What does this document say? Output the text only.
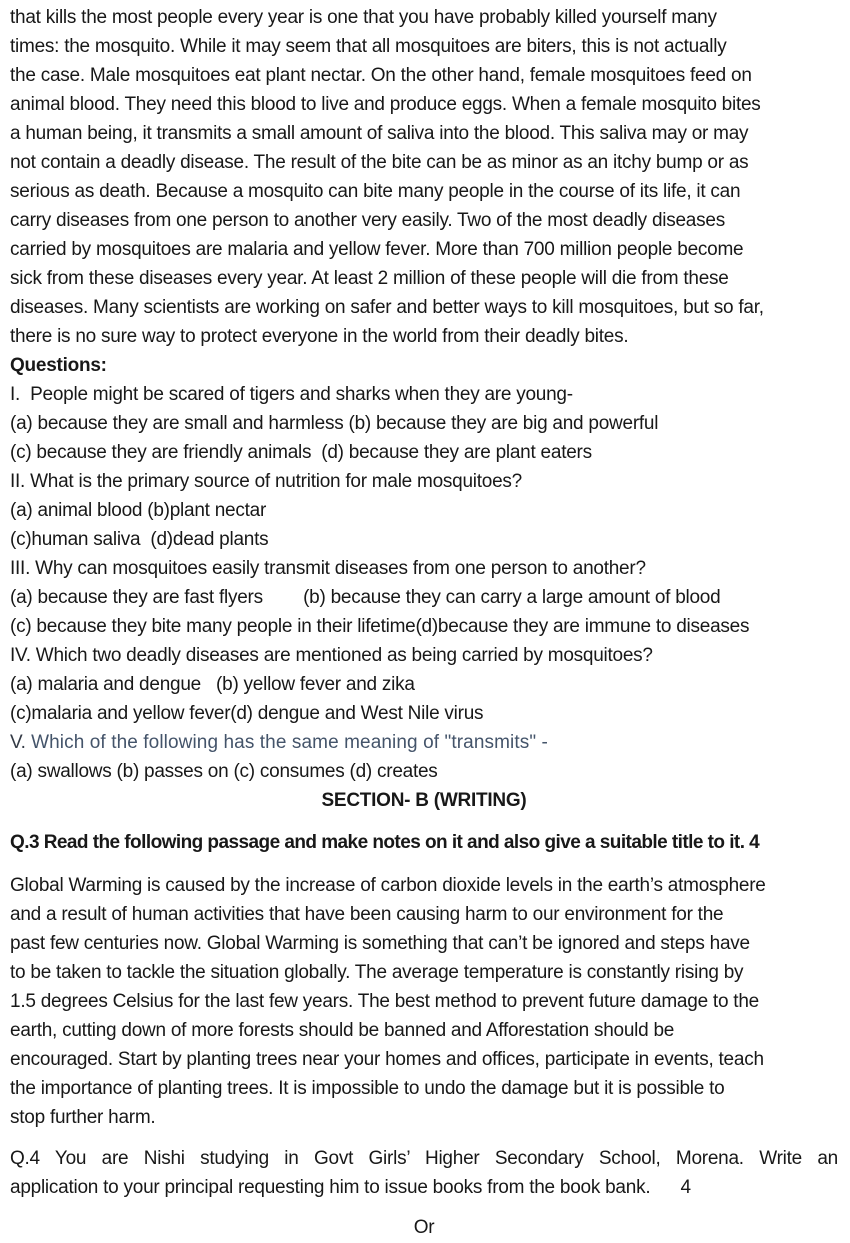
that kills the most people every year is one that you have probably killed yourself many
times: the mosquito. While it may seem that all mosquitoes are biters, this is not actually
the case. Male mosquitoes eat plant nectar. On the other hand, female mosquitoes feed on
animal blood. They need this blood to live and produce eggs. When a female mosquito bites
a human being, it transmits a small amount of saliva into the blood. This saliva may or may
not contain a deadly disease. The result of the bite can be as minor as an itchy bump or as
serious as death. Because a mosquito can bite many people in the course of its life, it can
carry diseases from one person to another very easily. Two of the most deadly diseases
carried by mosquitoes are malaria and yellow fever. More than 700 million people become
sick from these diseases every year. At least 2 million of these people will die from these
diseases. Many scientists are working on safer and better ways to kill mosquitoes, but so far,
there is no sure way to protect everyone in the world from their deadly bites.
Questions:
I.  People might be scared of tigers and sharks when they are young-
(a) because they are small and harmless (b) because they are big and powerful
(c) because they are friendly animals  (d) because they are plant eaters
II. What is the primary source of nutrition for male mosquitoes?
(a) animal blood (b)plant nectar
(c)human saliva  (d)dead plants
III. Why can mosquitoes easily transmit diseases from one person to another?
(a) because they are fast flyers        (b) because they can carry a large amount of blood
(c) because they bite many people in their lifetime(d)because they are immune to diseases
IV. Which two deadly diseases are mentioned as being carried by mosquitoes?
(a) malaria and dengue   (b) yellow fever and zika
(c)malaria and yellow fever(d) dengue and West Nile virus
V. Which of the following has the same meaning of "transmits" -
(a) swallows (b) passes on (c) consumes (d) creates
SECTION- B (WRITING)
Q.3 Read the following passage and make notes on it and also give a suitable title to it. 4
Global Warming is caused by the increase of carbon dioxide levels in the earth’s atmosphere
and a result of human activities that have been causing harm to our environment for the
past few centuries now. Global Warming is something that can’t be ignored and steps have
to be taken to tackle the situation globally. The average temperature is constantly rising by
1.5 degrees Celsius for the last few years. The best method to prevent future damage to the
earth, cutting down of more forests should be banned and Afforestation should be
encouraged. Start by planting trees near your homes and offices, participate in events, teach
the importance of planting trees. It is impossible to undo the damage but it is possible to
stop further harm.
Q.4 You are Nishi studying in Govt Girls’ Higher Secondary School, Morena. Write an
application to your principal requesting him to issue books from the book bank.      4
Or
